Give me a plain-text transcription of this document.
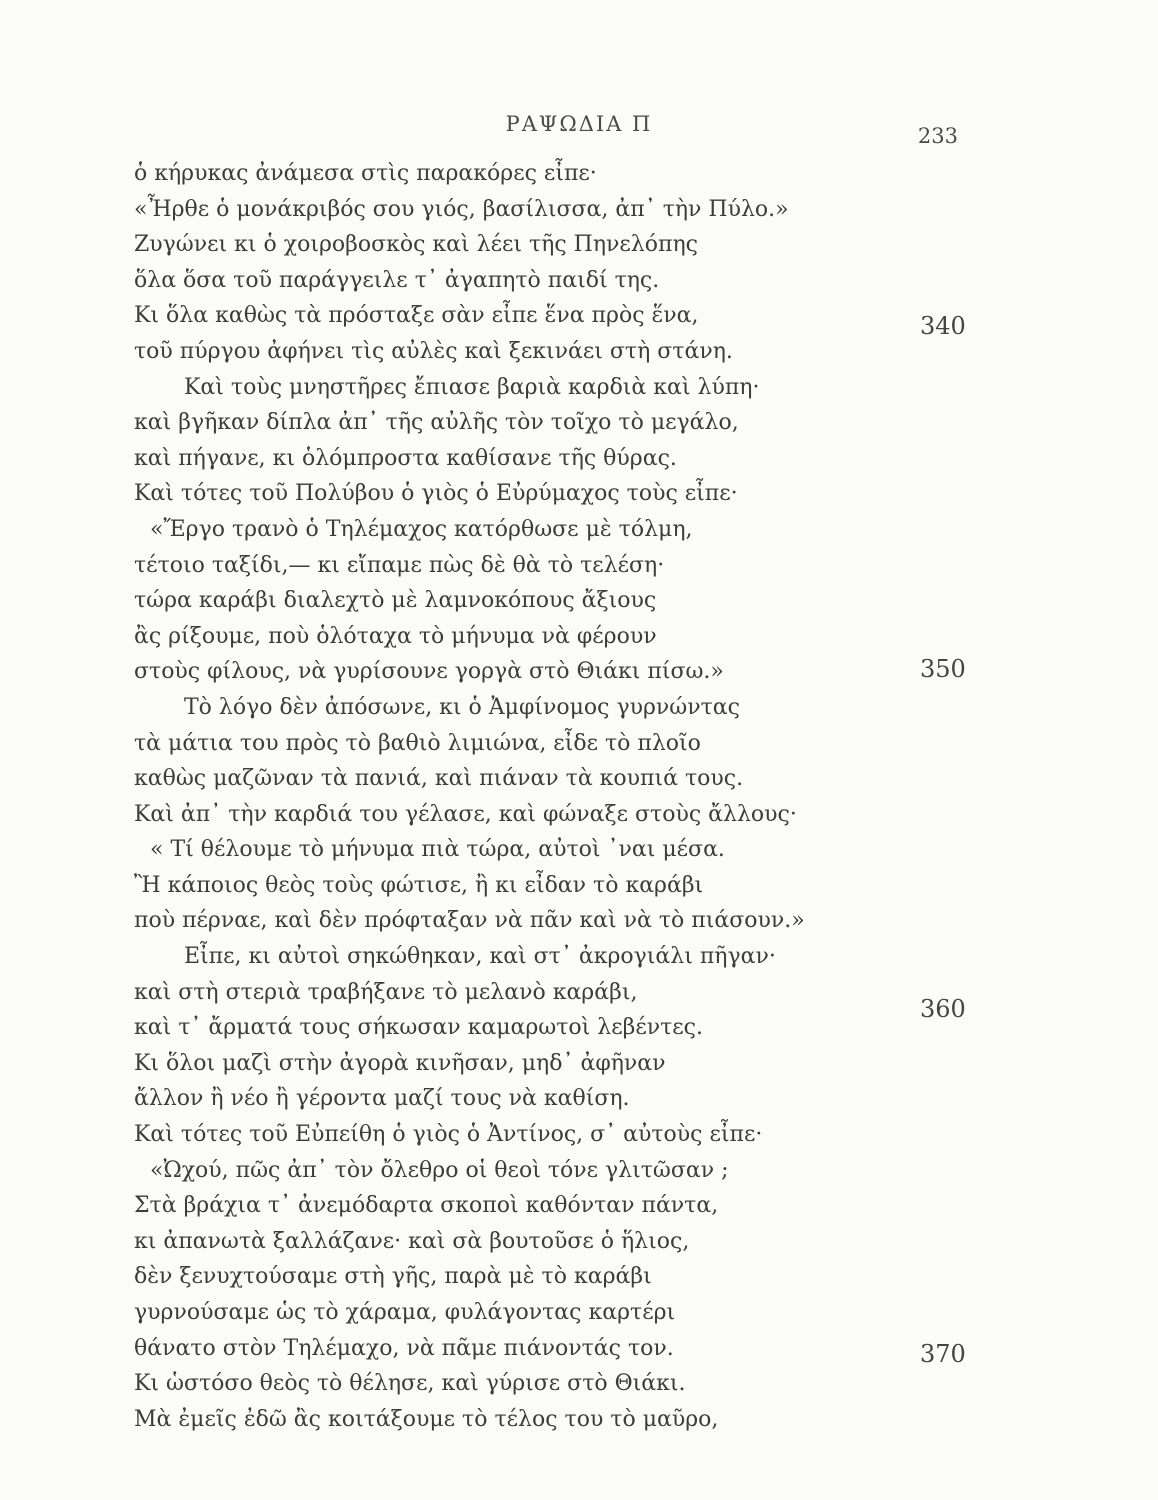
ΡΑΨΩΔΙΑ Π	233
ὁ κήρυκας ἀνάμεσα στὶς παρακόρες εἶπε·
«Ἦρθε ὁ μονάκριβός σου γιός, βασίλισσα, ἀπ᾿ τὴν Πύλο.»
Ζυγώνει κι ὁ χοιροβοσκὸς καὶ λέει τῆς Πηνελόπης
ὅλα ὅσα τοῦ παράγγειλε τ᾿ ἀγαπητὸ παιδί της.
Κι ὅλα καθὼς τὰ πρόσταξε σὰν εἶπε ἕνα πρὸς ἕνα,
τοῦ πύργου ἀφήνει τὶς αὐλὲς καὶ ξεκινάει στὴ στάνη.
Καὶ τοὺς μνηστῆρες ἔπιασε βαριὰ καρδιὰ καὶ λύπη·
καὶ βγῆκαν δίπλα ἀπ᾿ τῆς αὐλῆς τὸν τοῖχο τὸ μεγάλο,
καὶ πήγανε, κι ὁλόμπροστα καθίσανε τῆς θύρας.
Καὶ τότες τοῦ Πολύβου ὁ γιὸς ὁ Εὐρύμαχος τοὺς εἶπε·
«Ἔργο τρανὸ ὁ Τηλέμαχος κατόρθωσε μὲ τόλμη,
τέτοιο ταξίδι,— κι εἴπαμε πὼς δὲ θὰ τὸ τελέση·
τώρα καράβι διαλεχτὸ μὲ λαμνοκόπους ἄξιους
ἂς ρίξουμε, ποὺ ὁλόταχα τὸ μήνυμα νὰ φέρουν
στοὺς φίλους, νὰ γυρίσουνε γοργὰ στὸ Θιάκι πίσω.»
Τὸ λόγο δὲν ἀπόσωνε, κι ὁ Ἀμφίνομος γυρνώντας
τὰ μάτια του πρὸς τὸ βαθιὸ λιμιώνα, εἶδε τὸ πλοῖο
καθὼς μαζῶναν τὰ πανιά, καὶ πιάναν τὰ κουπιά τους.
Καὶ ἀπ᾿ τὴν καρδιά του γέλασε, καὶ φώναξε στοὺς ἄλλους·
« Τί θέλουμε τὸ μήνυμα πιὰ τώρα, αὐτοὶ ᾿ναι μέσα.
Ἢ κάποιος θεὸς τοὺς φώτισε, ἢ κι εἶδαν τὸ καράβι
ποὺ πέρναε, καὶ δὲν πρόφταξαν νὰ πᾶν καὶ νὰ τὸ πιάσουν.»
Εἶπε, κι αὐτοὶ σηκώθηκαν, καὶ στ᾿ ἀκρογιάλι πῆγαν·
καὶ στὴ στεριὰ τραβήξανε τὸ μελανὸ καράβι,
καὶ τ᾿ ἄρματά τους σήκωσαν καμαρωτοὶ λεβέντες.
Κι ὅλοι μαζὶ στὴν ἀγορὰ κινῆσαν, μηδ᾿ ἀφῆναν
ἄλλον ἢ νέο ἢ γέροντα μαζί τους νὰ καθίση.
Καὶ τότες τοῦ Εὐπείθη ὁ γιὸς ὁ Ἀντίνος, σ᾿ αὐτοὺς εἶπε·
«Ὠχού, πῶς ἀπ᾿ τὸν ὄλεθρο οἱ θεοὶ τόνε γλιτῶσαν ;
Στὰ βράχια τ᾿ ἀνεμόδαρτα σκοποὶ καθόνταν πάντα,
κι ἀπανωτὰ ξαλλάζανε· καὶ σὰ βουτοῦσε ὁ ἥλιος,
δὲν ξενυχτούσαμε στὴ γῆς, παρὰ μὲ τὸ καράβι
γυρνούσαμε ὡς τὸ χάραμα, φυλάγοντας καρτέρι
θάνατο στὸν Τηλέμαχο, νὰ πᾶμε πιάνοντάς τον.
Κι ὡστόσο θεὸς τὸ θέλησε, καὶ γύρισε στὸ Θιάκι.
Μὰ ἐμεῖς ἐδῶ ἂς κοιτάξουμε τὸ τέλος του τὸ μαῦρο,
340
350
360
370
